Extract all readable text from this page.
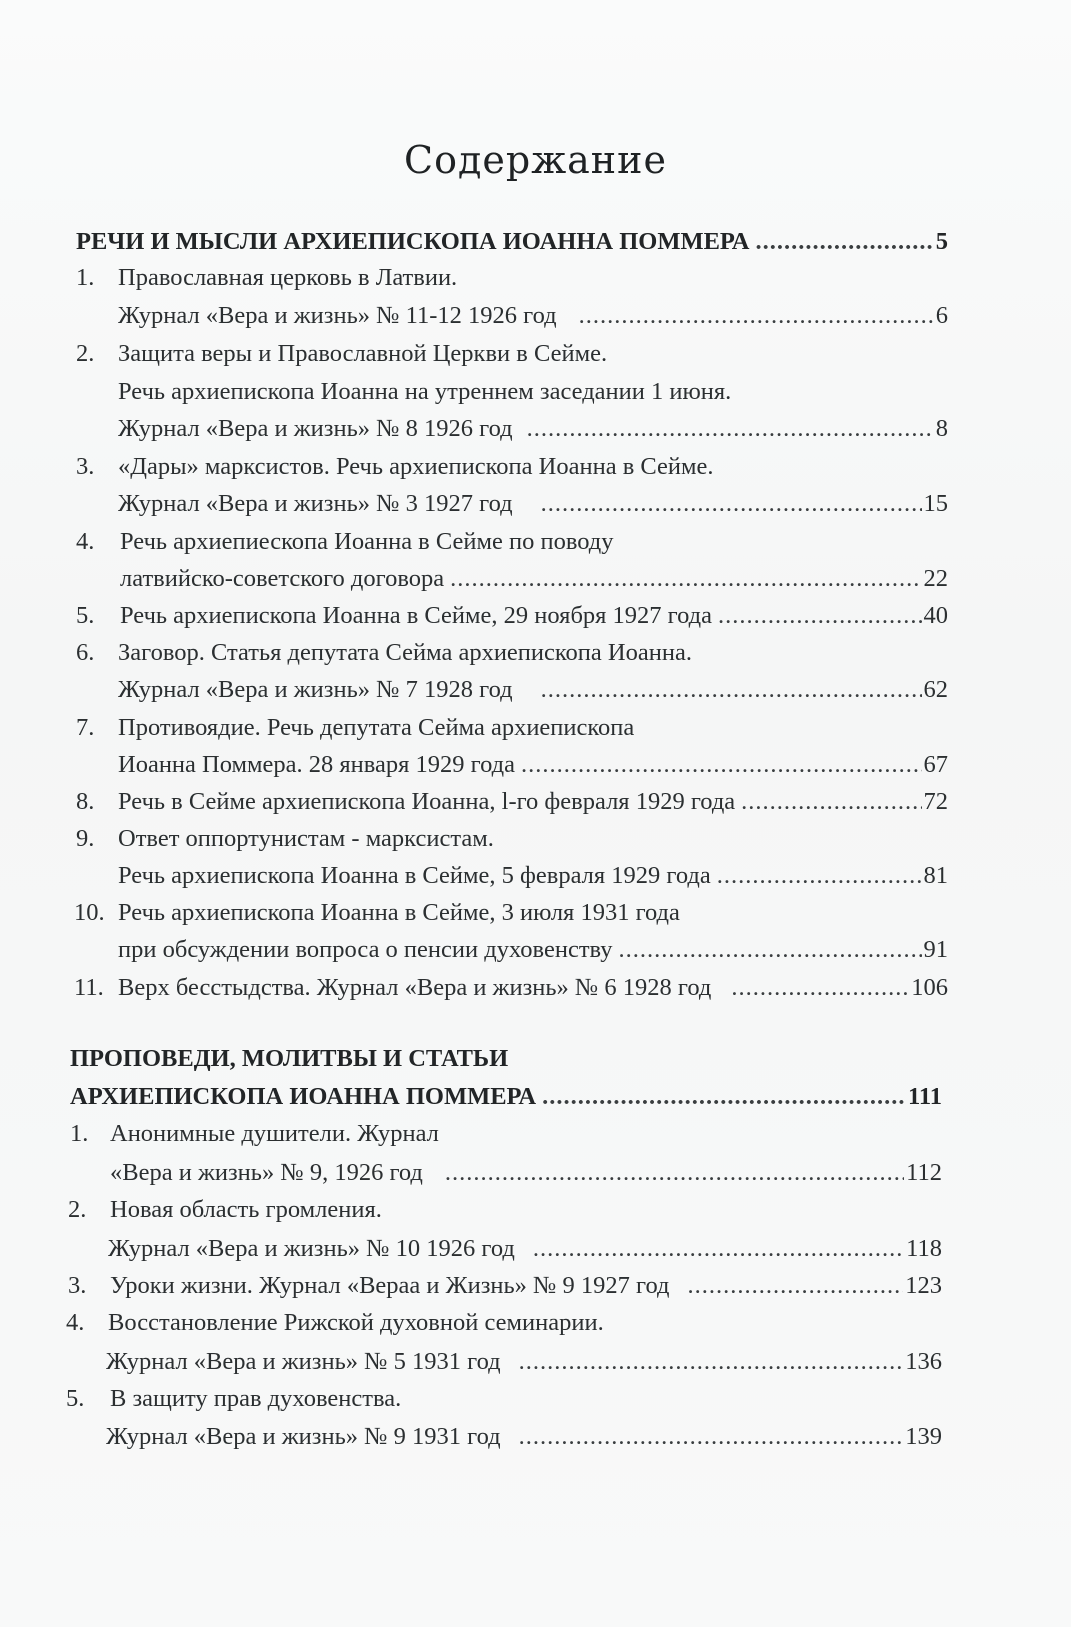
Содержание
РЕЧИ И МЫСЛИ АРХИЕПИСКОПА ИОАННА ПОММЕРА .....	5
1. Православная церковь в Латвии.
Журнал «Вера и жизнь» № 11-12 1926 год .....	6
2. Защита веры и Православной Церкви в Сейме.
Речь архиепископа Иоанна на утреннем заседании 1 июня.
Журнал «Вера и жизнь» № 8 1926 год .....	8
3. «Дары» марксистов. Речь архиепископа Иоанна в Сейме.
Журнал «Вера и жизнь» № 3 1927 год .....	15
4. Речь архиепиескопа Иоанна в Сейме по поводу
латвийско-советского договора .....	22
5. Речь архиепископа Иоанна в Сейме, 29 ноября 1927 года .....	40
6. Заговор. Статья депутата Сейма архиепископа Иоанна.
Журнал «Вера и жизнь» № 7 1928 год .....	62
7. Противоядие. Речь депутата Сейма архиепископа
Иоанна Поммера. 28 января 1929 года .....	67
8. Речь в Сейме архиепископа Иоанна, l-го февраля 1929 года .....	72
9. Ответ оппортунистам - марксистам.
Речь архиепископа Иоанна в Сейме, 5 февраля 1929 года .....	81
10. Речь архиепископа Иоанна в Сейме, 3 июля 1931 года
при обсуждении вопроса о пенсии духовенству .....	91
11. Верх бесстыдства. Журнал «Вера и жизнь» № 6 1928 год .....	106
ПРОПОВЕДИ, МОЛИТВЫ И СТАТЬИ
АРХИЕПИСКОПА ИОАННА ПОММЕРА .....	111
1. Анонимные душители. Журнал
«Вера и жизнь» № 9, 1926 год .....	112
2. Новая область громления.
Журнал «Вера и жизнь» № 10 1926 год .....	118
3. Уроки жизни. Журнал «Вераа и Жизнь» № 9 1927 год .....	123
4. Восстановление Рижской духовной семинарии.
Журнал «Вера и жизнь» № 5 1931 год .....	136
5. В защиту прав духовенства.
Журнал «Вера и жизнь» № 9 1931 год .....	139
